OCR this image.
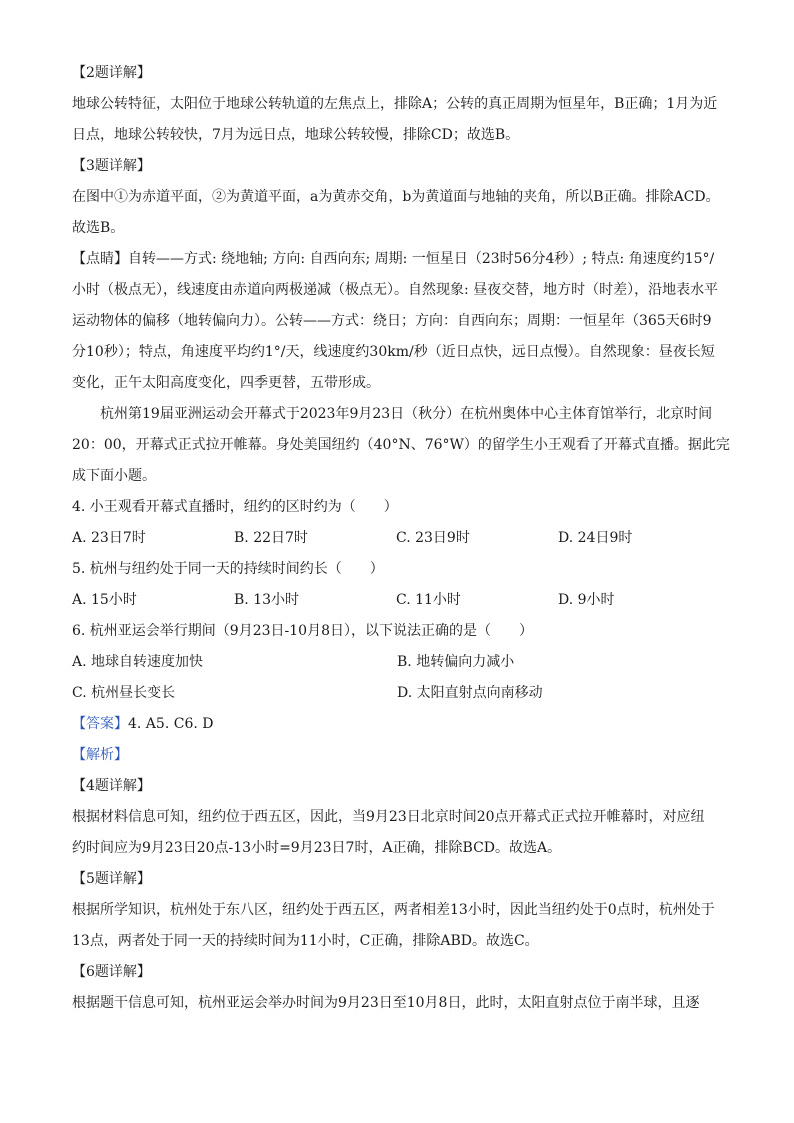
【2题详解】
地球公转特征，太阳位于地球公转轨道的左焦点上，排除A；公转的真正周期为恒星年，B正确；1月为近
日点，地球公转较快，7月为远日点，地球公转较慢，排除CD；故选B。
【3题详解】
在图中①为赤道平面，②为黄道平面，a为黄赤交角，b为黄道面与地轴的夹角，所以B正确。排除ACD。
故选B。
【点睛】自转——方式: 绕地轴; 方向: 自西向东; 周期: 一恒星日（23时56分4秒）; 特点: 角速度约15°/
小时（极点无），线速度由赤道向两极递减（极点无）。自然现象: 昼夜交替，地方时（时差），沿地表水平
运动物体的偏移（地转偏向力）。公转——方式：绕日；方向：自西向东；周期：一恒星年（365天6时9
分10秒）；特点，角速度平均约1°/天，线速度约30km/秒（近日点快，远日点慢）。自然现象：昼夜长短
变化，正午太阳高度变化，四季更替，五带形成。
杭州第19届亚洲运动会开幕式于2023年9月23日（秋分）在杭州奥体中心主体育馆举行，北京时间
20：00，开幕式正式拉开帷幕。身处美国纽约（40°N、76°W）的留学生小王观看了开幕式直播。据此完
成下面小题。
4. 小王观看开幕式直播时，纽约的区时约为（　　）
A. 23日7时	B. 22日7时	C. 23日9时	D. 24日9时
5. 杭州与纽约处于同一天的持续时间约长（　　）
A. 15小时	B. 13小时	C. 11小时	D. 9小时
6. 杭州亚运会举行期间（9月23日-10月8日），以下说法正确的是（　　）
A. 地球自转速度加快	B. 地转偏向力减小
C. 杭州昼长变长	D. 太阳直射点向南移动
【答案】4. A5. C6. D
【解析】
【4题详解】
根据材料信息可知，纽约位于西五区，因此，当9月23日北京时间20点开幕式正式拉开帷幕时，对应纽
约时间应为9月23日20点-13小时=9月23日7时，A正确，排除BCD。故选A。
【5题详解】
根据所学知识，杭州处于东八区，纽约处于西五区，两者相差13小时，因此当纽约处于0点时，杭州处于
13点，两者处于同一天的持续时间为11小时，C正确，排除ABD。故选C。
【6题详解】
根据题干信息可知，杭州亚运会举办时间为9月23日至10月8日，此时，太阳直射点位于南半球，且逐
